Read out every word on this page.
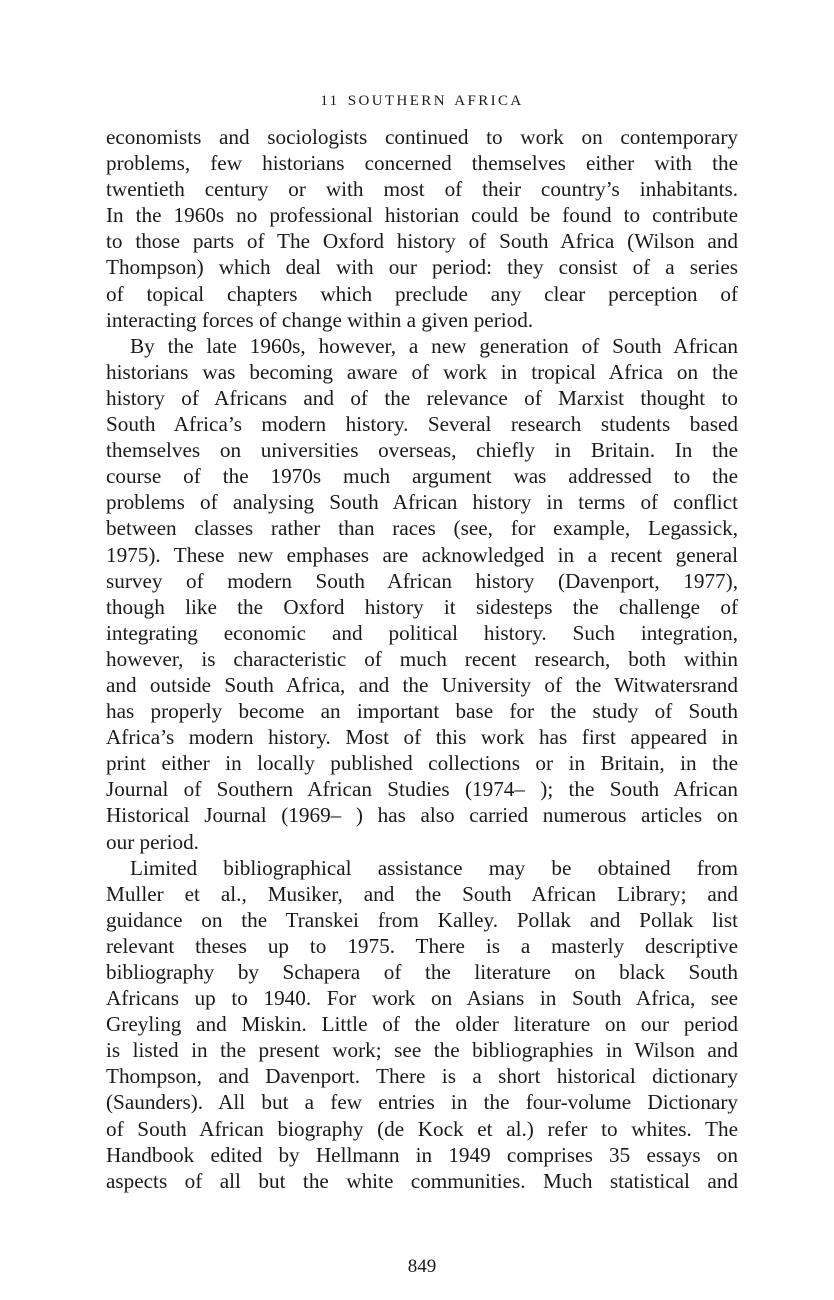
11 SOUTHERN AFRICA
economists and sociologists continued to work on contemporary
problems, few historians concerned themselves either with the
twentieth century or with most of their country’s inhabitants.
In the 1960s no professional historian could be found to contribute
to those parts of The Oxford history of South Africa (Wilson and
Thompson) which deal with our period: they consist of a series
of topical chapters which preclude any clear perception of
interacting forces of change within a given period.
By the late 1960s, however, a new generation of South African
historians was becoming aware of work in tropical Africa on the
history of Africans and of the relevance of Marxist thought to
South Africa’s modern history. Several research students based
themselves on universities overseas, chiefly in Britain. In the
course of the 1970s much argument was addressed to the
problems of analysing South African history in terms of conflict
between classes rather than races (see, for example, Legassick,
1975). These new emphases are acknowledged in a recent general
survey of modern South African history (Davenport, 1977),
though like the Oxford history it sidesteps the challenge of
integrating economic and political history. Such integration,
however, is characteristic of much recent research, both within
and outside South Africa, and the University of the Witwatersrand
has properly become an important base for the study of South
Africa’s modern history. Most of this work has first appeared in
print either in locally published collections or in Britain, in the
Journal of Southern African Studies (1974– ); the South African
Historical Journal (1969– ) has also carried numerous articles on
our period.
Limited bibliographical assistance may be obtained from
Muller et al., Musiker, and the South African Library; and
guidance on the Transkei from Kalley. Pollak and Pollak list
relevant theses up to 1975. There is a masterly descriptive
bibliography by Schapera of the literature on black South
Africans up to 1940. For work on Asians in South Africa, see
Greyling and Miskin. Little of the older literature on our period
is listed in the present work; see the bibliographies in Wilson and
Thompson, and Davenport. There is a short historical dictionary
(Saunders). All but a few entries in the four-volume Dictionary
of South African biography (de Kock et al.) refer to whites. The
Handbook edited by Hellmann in 1949 comprises 35 essays on
aspects of all but the white communities. Much statistical and
849
